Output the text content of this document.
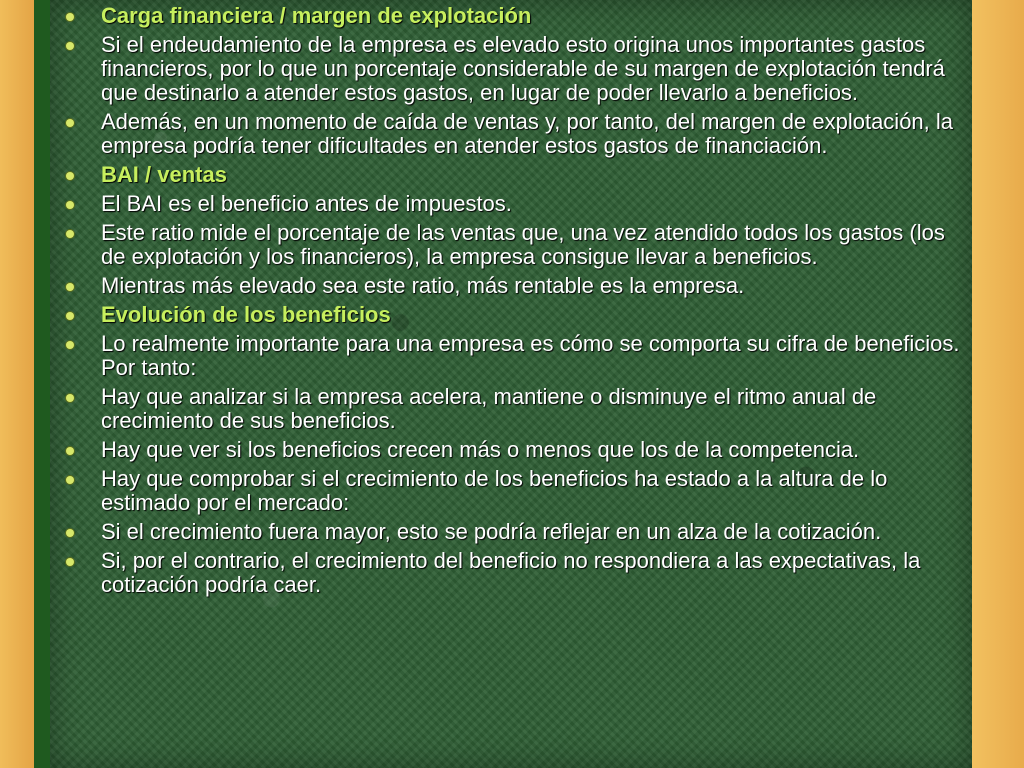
Carga financiera / margen de explotación
Si el endeudamiento de la empresa es elevado esto origina unos importantes gastos financieros, por lo que un porcentaje considerable de su margen de explotación tendrá que destinarlo a atender estos gastos, en lugar de poder llevarlo a beneficios.
Además, en un momento de caída de ventas y, por tanto, del margen de explotación, la empresa podría tener dificultades en atender estos gastos de financiación.
BAI / ventas
El BAI es el beneficio antes de impuestos.
Este ratio mide el porcentaje de las ventas que, una vez atendido todos los gastos (los de explotación y los financieros), la empresa consigue llevar a beneficios.
Mientras más elevado sea este ratio, más rentable es la empresa.
Evolución de los beneficios
Lo realmente importante para una empresa es cómo se comporta su cifra de beneficios. Por tanto:
Hay que analizar si la empresa acelera, mantiene o disminuye el ritmo anual de crecimiento de sus beneficios.
Hay que ver si los beneficios crecen más o menos que los de la competencia.
Hay que comprobar si el crecimiento de los beneficios ha estado a la altura de lo estimado por el mercado:
Si el crecimiento fuera mayor, esto se podría reflejar en un alza de la cotización.
Si, por el contrario, el crecimiento del beneficio no respondiera a las expectativas, la cotización podría caer.
